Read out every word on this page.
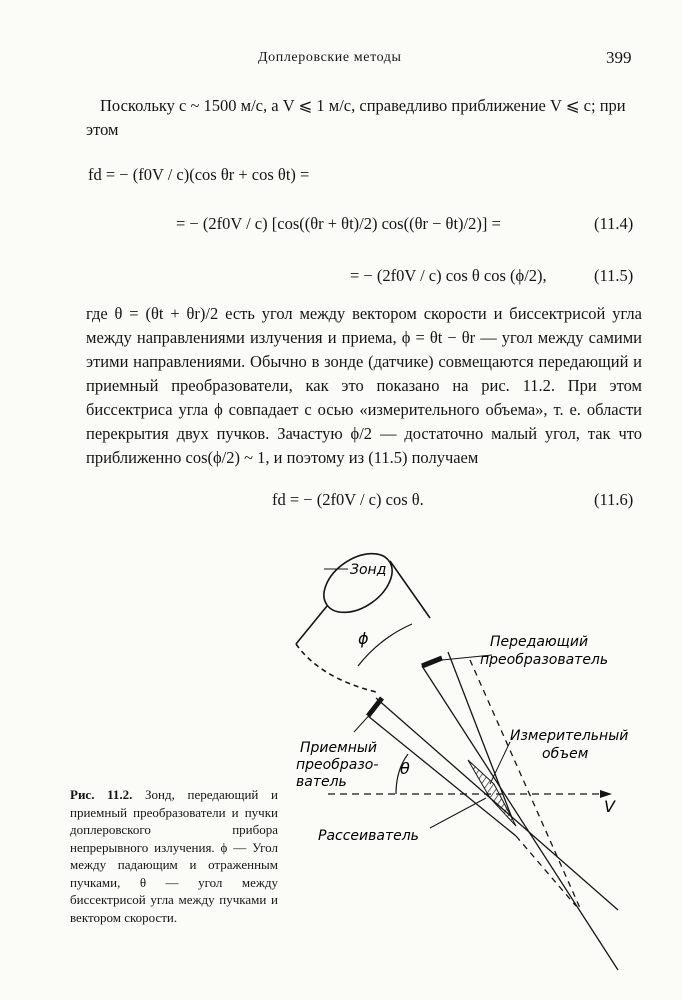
Доплеровские методы	399
Поскольку c ~ 1500 м/с, а V ⩽ 1 м/с, справедливо приближение V ⩽ c; при этом
fd = − (f0V / c)(cos θr + cos θt) =
= − (2f0V / c) [cos((θr + θt)/2) cos((θr − θt)/2)] =	(11.4)
= − (2f0V / c) cos θ cos (ϕ/2),	(11.5)
где θ = (θt + θr)/2 есть угол между вектором скорости и биссектрисой угла между направлениями излучения и приема, ϕ = θt − θr — угол между самими этими направлениями. Обычно в зонде (датчике) совмещаются передающий и приемный преобразователи, как это показано на рис. 11.2. При этом биссектриса угла ϕ совпадает с осью «измерительного объема», т. е. области перекрытия двух пучков. Зачастую ϕ/2 — достаточно малый угол, так что приближенно cos(ϕ/2) ~ 1, и поэтому из (11.5) получаем
fd = − (2f0V / c) cos θ.	(11.6)
Зонд
ϕ	Передающий
преобразователь
Приемный
преобразо-
ватель
Измерительный
объем
θ
V
Рассеиватель
Рис. 11.2. Зонд, передающий и приемный преобразователи и пучки доплеровского прибора непрерывного излучения. ϕ — Угол между падающим и отраженным пучками, θ — угол между биссектрисой угла между пучками и вектором скорости.
